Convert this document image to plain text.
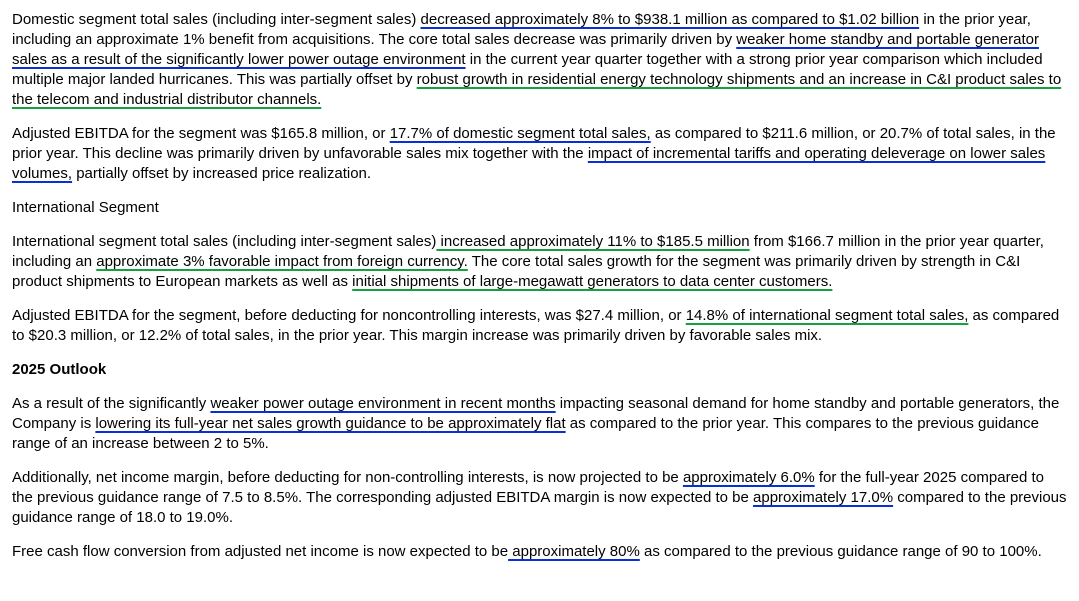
Domestic segment total sales (including inter-segment sales) decreased approximately 8% to $938.1 million as compared to $1.02 billion in the prior year, including an approximate 1% benefit from acquisitions. The core total sales decrease was primarily driven by weaker home standby and portable generator sales as a result of the significantly lower power outage environment in the current year quarter together with a strong prior year comparison which included multiple major landed hurricanes. This was partially offset by robust growth in residential energy technology shipments and an increase in C&I product sales to the telecom and industrial distributor channels.

Adjusted EBITDA for the segment was $165.8 million, or 17.7% of domestic segment total sales, as compared to $211.6 million, or 20.7% of total sales, in the prior year. This decline was primarily driven by unfavorable sales mix together with the impact of incremental tariffs and operating deleverage on lower sales volumes, partially offset by increased price realization.

International Segment

International segment total sales (including inter-segment sales) increased approximately 11% to $185.5 million from $166.7 million in the prior year quarter, including an approximate 3% favorable impact from foreign currency. The core total sales growth for the segment was primarily driven by strength in C&I product shipments to European markets as well as initial shipments of large-megawatt generators to data center customers.

Adjusted EBITDA for the segment, before deducting for noncontrolling interests, was $27.4 million, or 14.8% of international segment total sales, as compared to $20.3 million, or 12.2% of total sales, in the prior year. This margin increase was primarily driven by favorable sales mix.

2025 Outlook

As a result of the significantly weaker power outage environment in recent months impacting seasonal demand for home standby and portable generators, the Company is lowering its full-year net sales growth guidance to be approximately flat as compared to the prior year. This compares to the previous guidance range of an increase between 2 to 5%.

Additionally, net income margin, before deducting for non-controlling interests, is now projected to be approximately 6.0% for the full-year 2025 compared to the previous guidance range of 7.5 to 8.5%. The corresponding adjusted EBITDA margin is now expected to be approximately 17.0% compared to the previous guidance range of 18.0 to 19.0%.

Free cash flow conversion from adjusted net income is now expected to be approximately 80% as compared to the previous guidance range of 90 to 100%.
